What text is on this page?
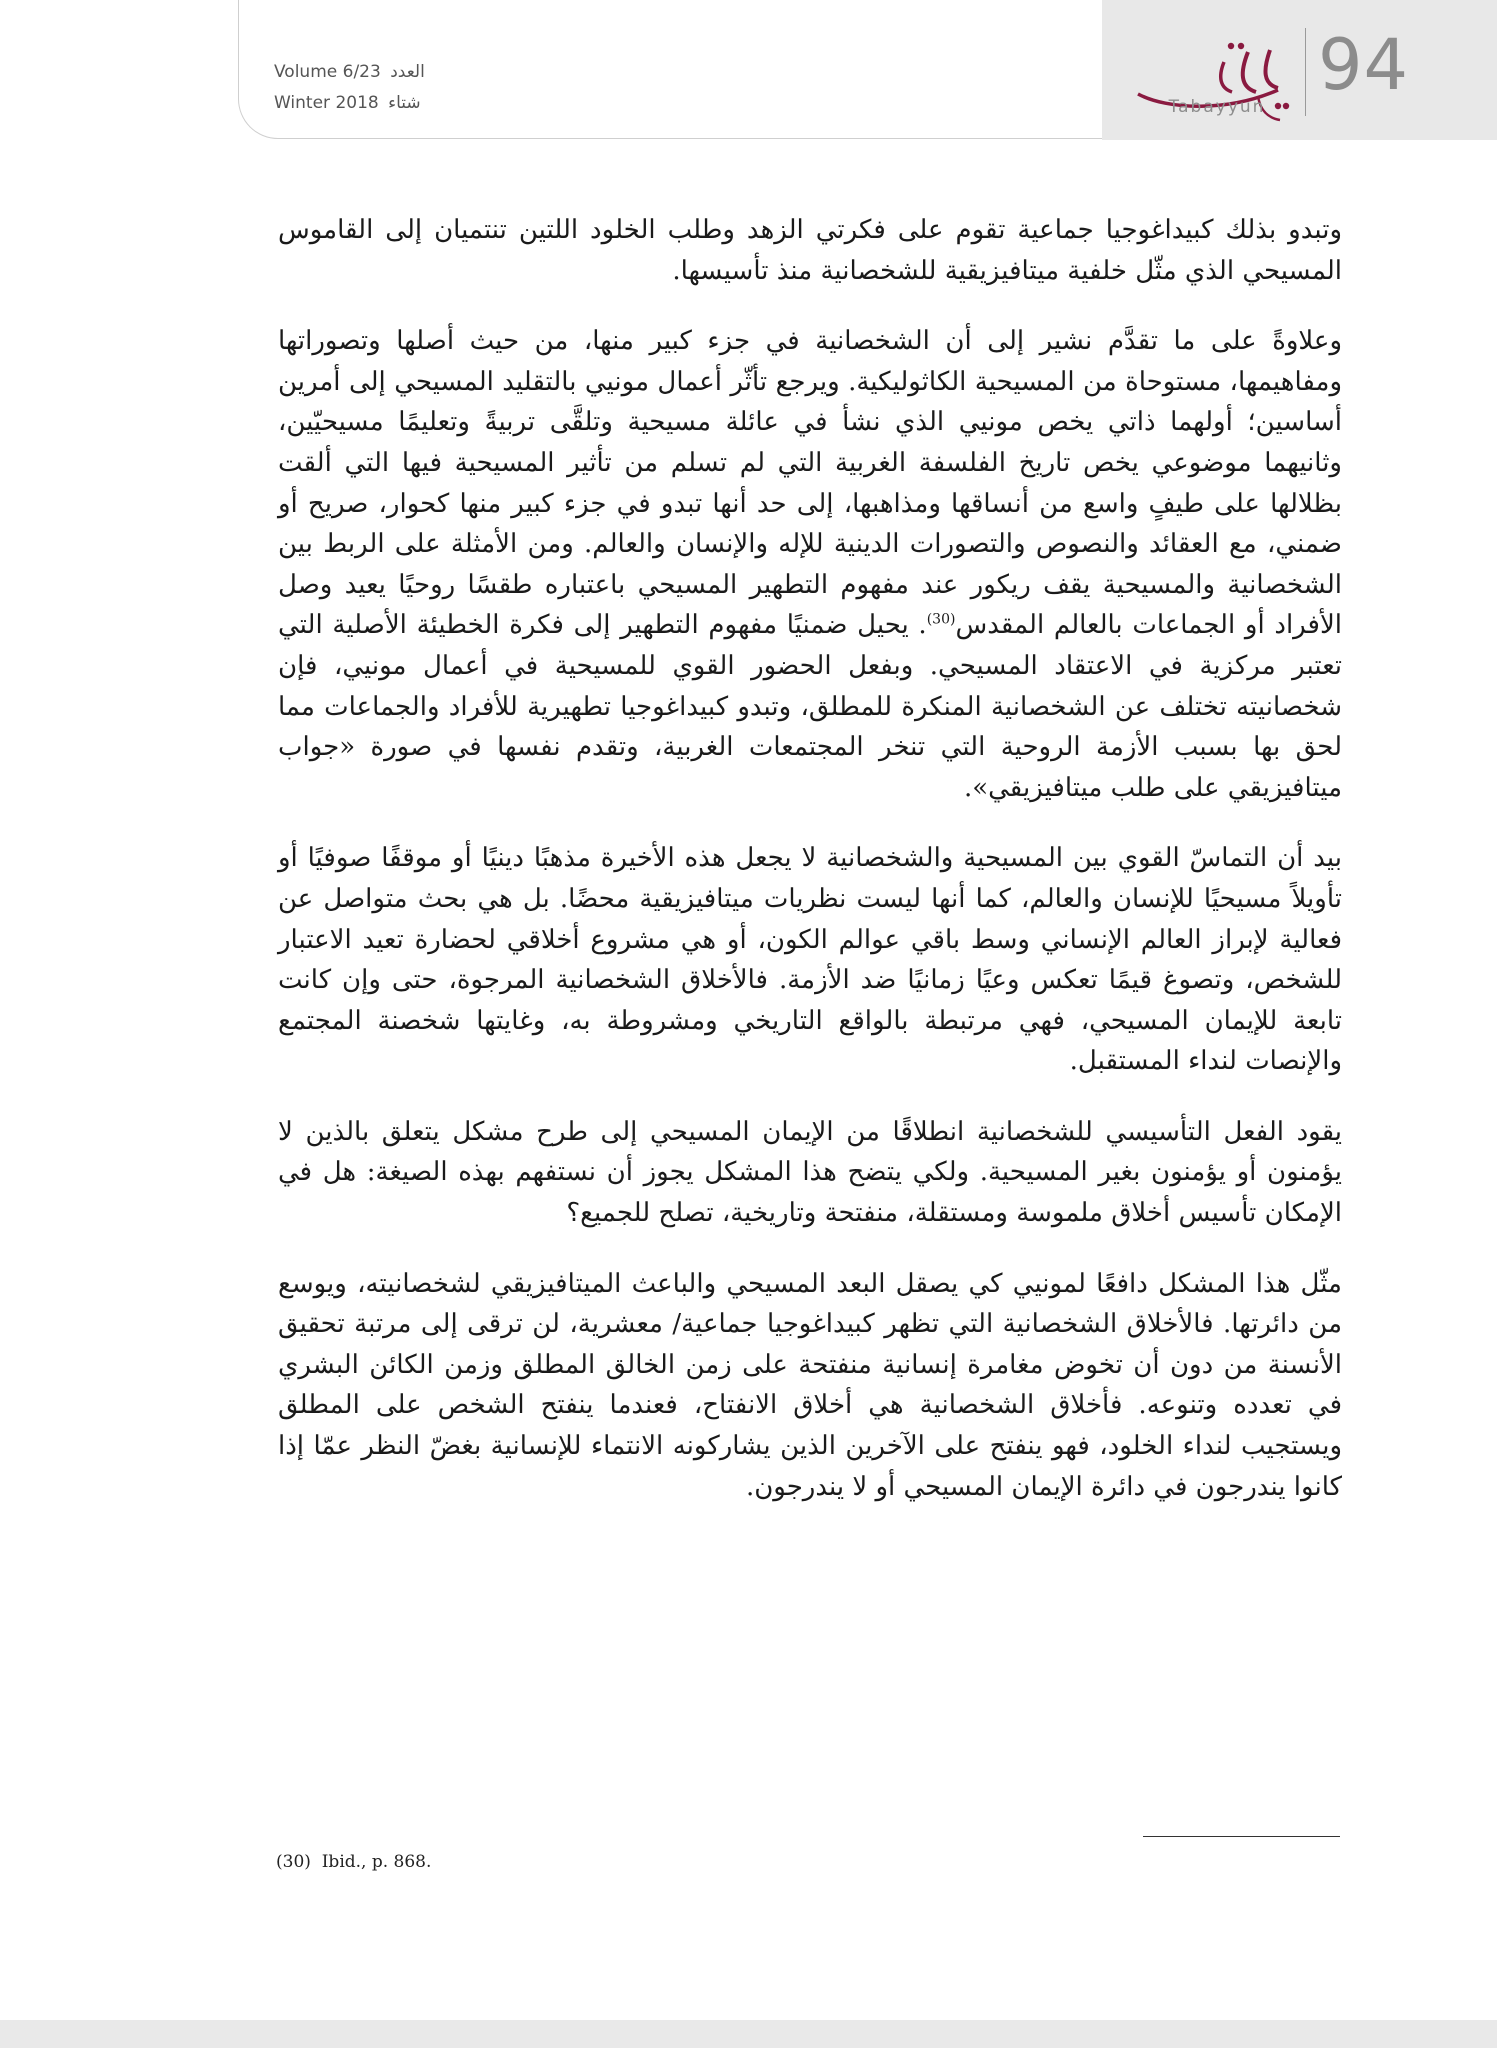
Volume 6/23 العدد
Winter 2018 شتاء	Tabayyun
94

وتبدو بذلك كبيداغوجيا جماعية تقوم على فكرتي الزهد وطلب الخلود اللتين تنتميان إلى القاموس المسيحي الذي مثّل خلفية ميتافيزيقية للشخصانية منذ تأسيسها.

وعلاوةً على ما تقدَّم نشير إلى أن الشخصانية في جزء كبير منها، من حيث أصلها وتصوراتها ومفاهيمها، مستوحاة من المسيحية الكاثوليكية. ويرجع تأثّر أعمال مونيي بالتقليد المسيحي إلى أمرين أساسين؛ أولهما ذاتي يخص مونيي الذي نشأ في عائلة مسيحية وتلقَّى تربيةً وتعليمًا مسيحيّين، وثانيهما موضوعي يخص تاريخ الفلسفة الغربية التي لم تسلم من تأثير المسيحية فيها التي ألقت بظلالها على طيفٍ واسع من أنساقها ومذاهبها، إلى حد أنها تبدو في جزء كبير منها كحوار، صريح أو ضمني، مع العقائد والنصوص والتصورات الدينية للإله والإنسان والعالم. ومن الأمثلة على الربط بين الشخصانية والمسيحية يقف ريكور عند مفهوم التطهير المسيحي باعتباره طقسًا روحيًا يعيد وصل الأفراد أو الجماعات بالعالم المقدس$^{(30)}$. يحيل ضمنيًا مفهوم التطهير إلى فكرة الخطيئة الأصلية التي تعتبر مركزية في الاعتقاد المسيحي. وبفعل الحضور القوي للمسيحية في أعمال مونيي، فإن شخصانيته تختلف عن الشخصانية المنكرة للمطلق، وتبدو كبيداغوجيا تطهيرية للأفراد والجماعات مما لحق بها بسبب الأزمة الروحية التي تنخر المجتمعات الغربية، وتقدم نفسها في صورة «جواب ميتافيزيقي على طلب ميتافيزيقي».

بيد أن التماسّ القوي بين المسيحية والشخصانية لا يجعل هذه الأخيرة مذهبًا دينيًا أو موقفًا صوفيًا أو تأويلاً مسيحيًا للإنسان والعالم، كما أنها ليست نظريات ميتافيزيقية محضًا. بل هي بحث متواصل عن فعالية لإبراز العالم الإنساني وسط باقي عوالم الكون، أو هي مشروع أخلاقي لحضارة تعيد الاعتبار للشخص، وتصوغ قيمًا تعكس وعيًا زمانيًا ضد الأزمة. فالأخلاق الشخصانية المرجوة، حتى وإن كانت تابعة للإيمان المسيحي، فهي مرتبطة بالواقع التاريخي ومشروطة به، وغايتها شخصنة المجتمع والإنصات لنداء المستقبل.

يقود الفعل التأسيسي للشخصانية انطلاقًا من الإيمان المسيحي إلى طرح مشكل يتعلق بالذين لا يؤمنون أو يؤمنون بغير المسيحية. ولكي يتضح هذا المشكل يجوز أن نستفهم بهذه الصيغة: هل في الإمكان تأسيس أخلاق ملموسة ومستقلة، منفتحة وتاريخية، تصلح للجميع؟

مثّل هذا المشكل دافعًا لمونيي كي يصقل البعد المسيحي والباعث الميتافيزيقي لشخصانيته، ويوسع من دائرتها. فالأخلاق الشخصانية التي تظهر كبيداغوجيا جماعية/ معشرية، لن ترقى إلى مرتبة تحقيق الأنسنة من دون أن تخوض مغامرة إنسانية منفتحة على زمن الخالق المطلق وزمن الكائن البشري في تعدده وتنوعه. فأخلاق الشخصانية هي أخلاق الانفتاح، فعندما ينفتح الشخص على المطلق ويستجيب لنداء الخلود، فهو ينفتح على الآخرين الذين يشاركونه الانتماء للإنسانية بغضّ النظر عمّا إذا كانوا يندرجون في دائرة الإيمان المسيحي أو لا يندرجون.

(30) Ibid., p. 868.
